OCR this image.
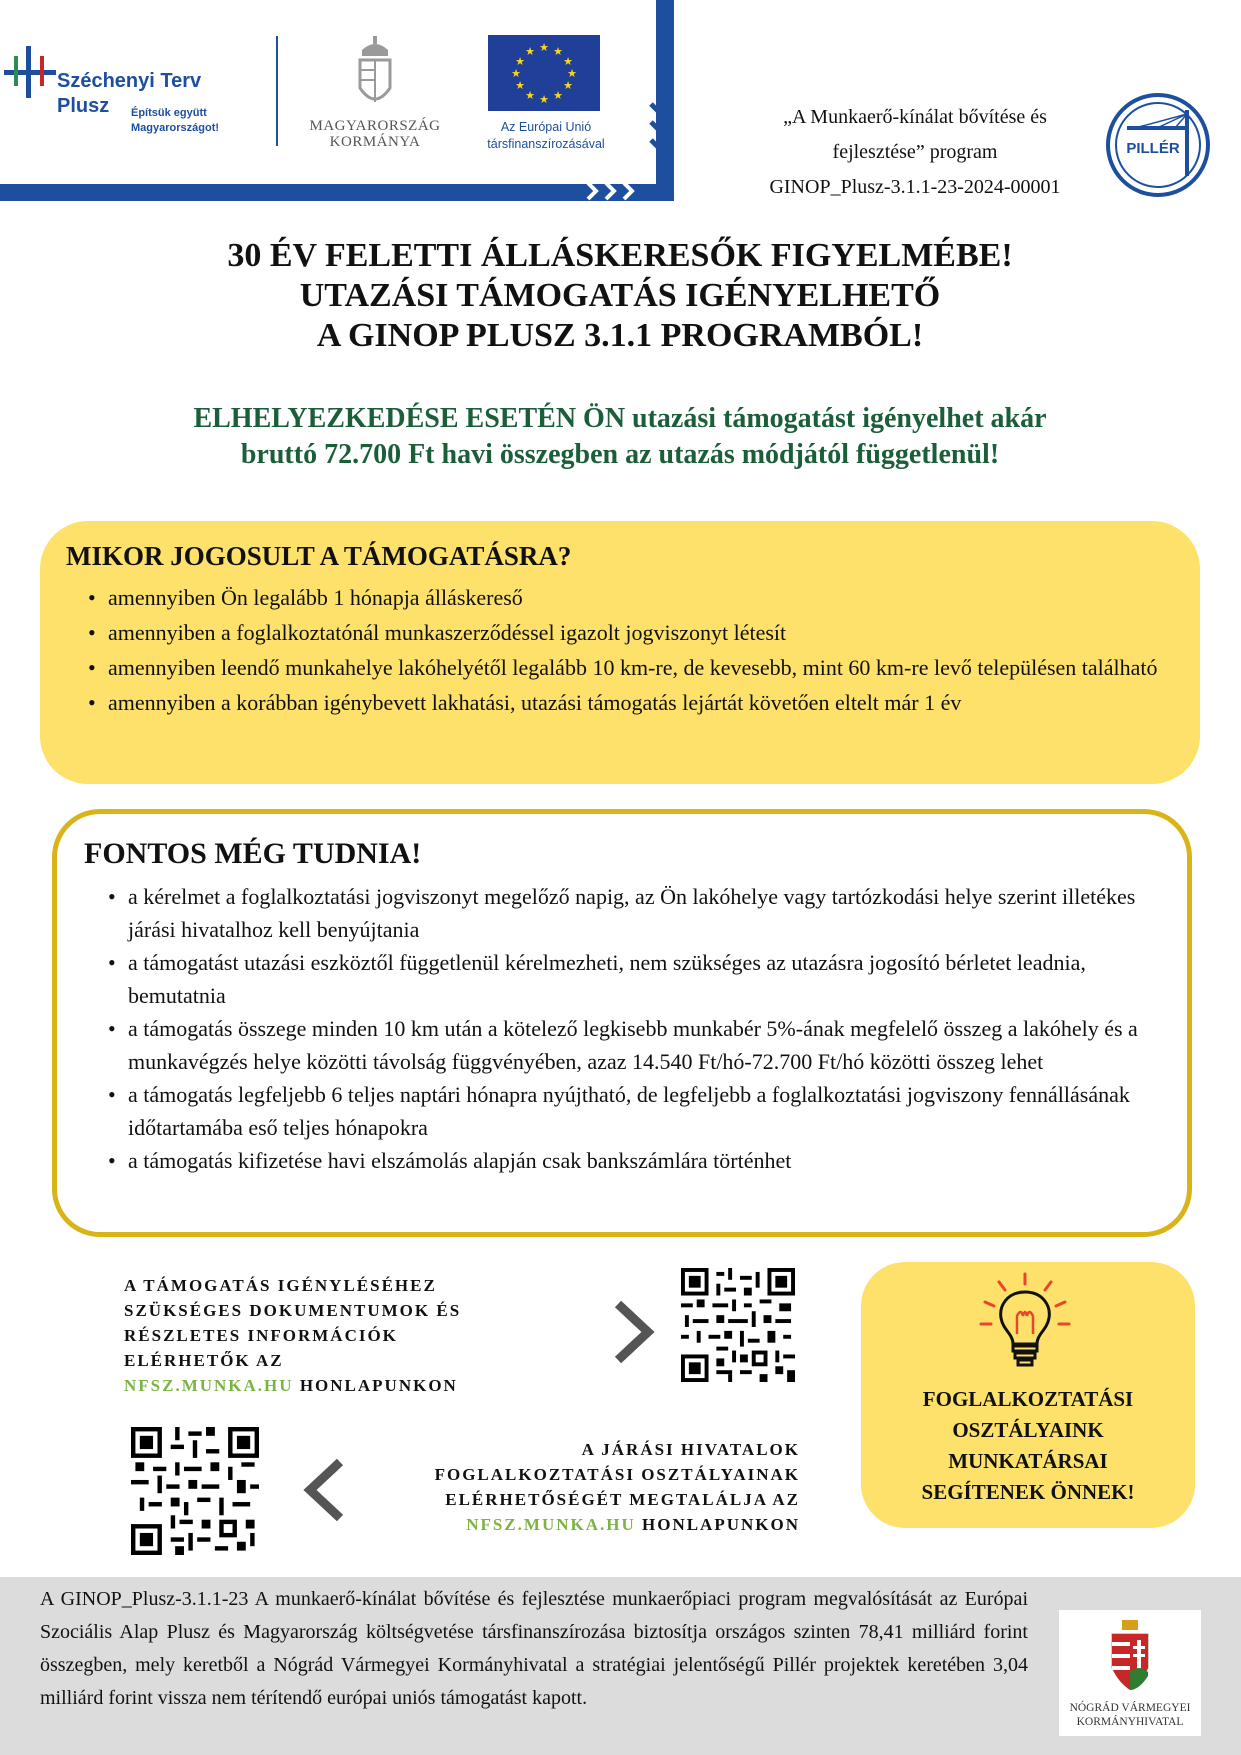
Széchenyi Terv
Plusz Építsük együtt
Magyarországot!	MAGYARORSZÁG
KORMÁNYA
★ ★
★
★
★
★
★
★
★
★
★
★
Az Európai Unió
társfinanszírozásával
„A Munkaerő-kínálat bővítése és
fejlesztése” program
GINOP_Plusz-3.1.1-23-2024-00001
PILLÉR
30 ÉV FELETTI ÁLLÁSKERESŐK FIGYELMÉBE!
UTAZÁSI TÁMOGATÁS IGÉNYELHETŐ
A GINOP PLUSZ 3.1.1 PROGRAMBÓL!
ELHELYEZKEDÉSE ESETÉN ÖN utazási támogatást igényelhet akár
bruttó 72.700 Ft havi összegben az utazás módjától függetlenül!
MIKOR JOGOSULT A TÁMOGATÁSRA?
• amennyiben Ön legalább 1 hónapja álláskereső
• amennyiben a foglalkoztatónál munkaszerződéssel igazolt jogviszonyt létesít
• amennyiben leendő munkahelye lakóhelyétől legalább 10 km-re, de kevesebb, mint 60 km-re levő településen található
• amennyiben a korábban igénybevett lakhatási, utazási támogatás lejártát követően eltelt már 1 év
FONTOS MÉG TUDNIA!
• a kérelmet a foglalkoztatási jogviszonyt megelőző napig, az Ön lakóhelye vagy tartózkodási helye szerint illetékes járási hivatalhoz kell benyújtania
• a támogatást utazási eszköztől függetlenül kérelmezheti, nem szükséges az utazásra jogosító bérletet leadnia, bemutatnia
• a támogatás összege minden 10 km után a kötelező legkisebb munkabér 5%-ának megfelelő összeg a lakóhely és a munkavégzés helye közötti távolság függvényében, azaz 14.540 Ft/hó-72.700 Ft/hó közötti összeg lehet
• a támogatás legfeljebb 6 teljes naptári hónapra nyújtható, de legfeljebb a foglalkoztatási jogviszony fennállásának időtartamába eső teljes hónapokra
• a támogatás kifizetése havi elszámolás alapján csak bankszámlára történhet
A TÁMOGATÁS IGÉNYLÉSÉHEZ
SZÜKSÉGES DOKUMENTUMOK ÉS
RÉSZLETES INFORMÁCIÓK
ELÉRHETŐK AZ
NFSZ.MUNKA.HU HONLAPUNKON
A JÁRÁSI HIVATALOK
FOGLALKOZTATÁSI OSZTÁLYAINAK
ELÉRHETŐSÉGÉT MEGTALÁLJA AZ
NFSZ.MUNKA.HU HONLAPUNKON
FOGLALKOZTATÁSI
OSZTÁLYAINK
MUNKATÁRSAI
SEGÍTENEK ÖNNEK!
A GINOP_Plusz-3.1.1-23 A munkaerő-kínálat bővítése és fejlesztése munkaerőpiaci program megvalósítását az Európai Szociális Alap Plusz és Magyarország költségvetése társfinanszírozása biztosítja országos szinten 78,41 milliárd forint összegben, mely keretből a Nógrád Vármegyei Kormányhivatal a stratégiai jelentőségű Pillér projektek keretében 3,04 milliárd forint vissza nem térítendő európai uniós támogatást kapott.	NÓGRÁD VÁRMEGYEI
KORMÁNYHIVATAL
